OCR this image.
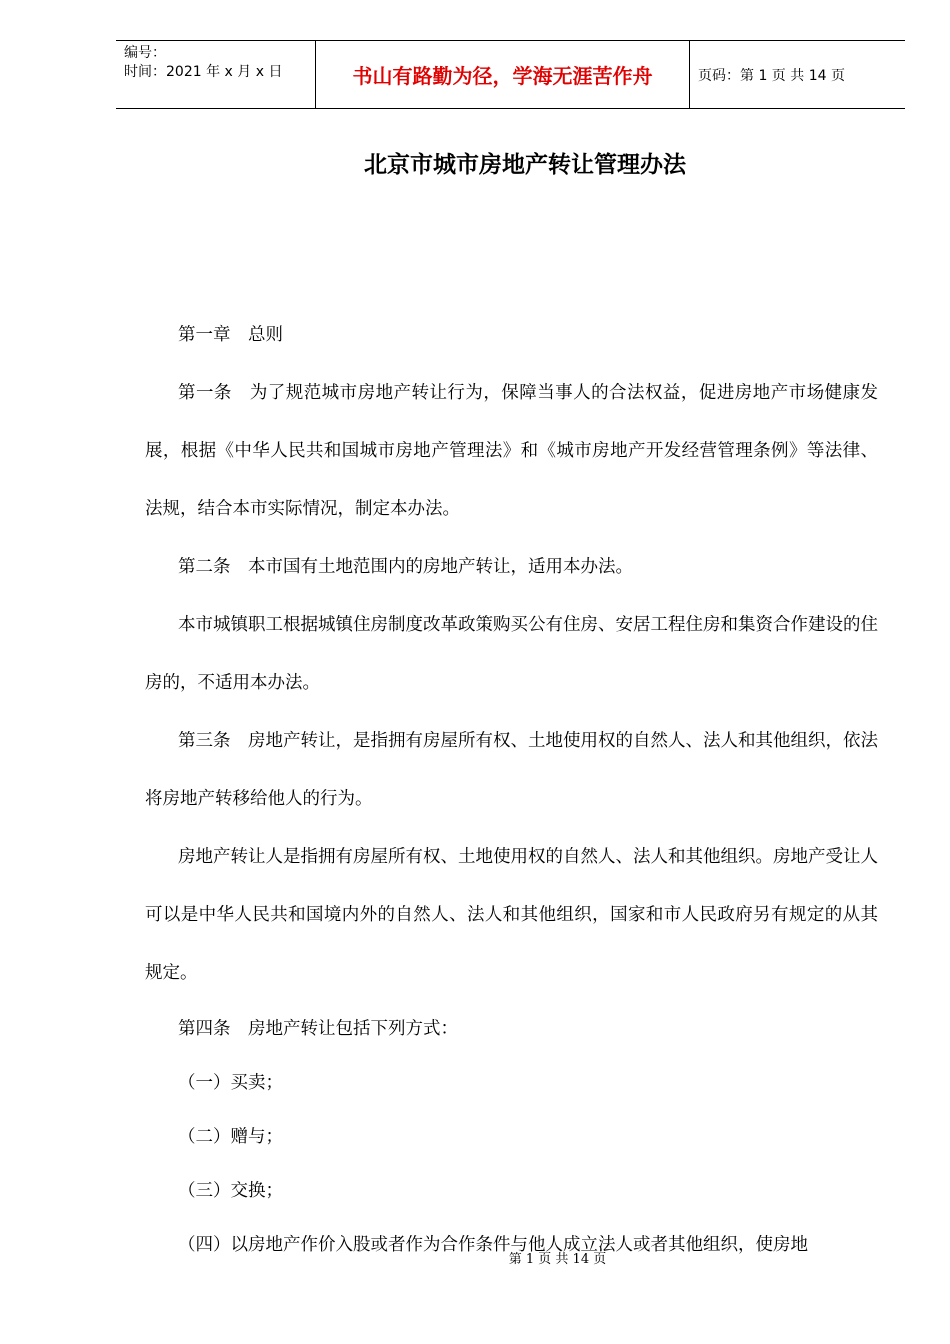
编号：
时间：2021 年 x 月 x 日	书山有路勤为径，学海无涯苦作舟	页码：第 1 页 共 14 页
北京市城市房地产转让管理办法

第一章　总则

第一条　为了规范城市房地产转让行为，保障当事人的合法权益，促进房地产市场健康发展，根据《中华人民共和国城市房地产管理法》和《城市房地产开发经营管理条例》等法律、法规，结合本市实际情况，制定本办法。

第二条　本市国有土地范围内的房地产转让，适用本办法。

本市城镇职工根据城镇住房制度改革政策购买公有住房、安居工程住房和集资合作建设的住房的，不适用本办法。

第三条　房地产转让，是指拥有房屋所有权、土地使用权的自然人、法人和其他组织，依法将房地产转移给他人的行为。

房地产转让人是指拥有房屋所有权、土地使用权的自然人、法人和其他组织。房地产受让人可以是中华人民共和国境内外的自然人、法人和其他组织，国家和市人民政府另有规定的从其规定。

第四条　房地产转让包括下列方式：

（一）买卖；

（二）赠与；

（三）交换；

（四）以房地产作价入股或者作为合作条件与他人成立法人或者其他组织，使房地

第 1 页 共 14 页
